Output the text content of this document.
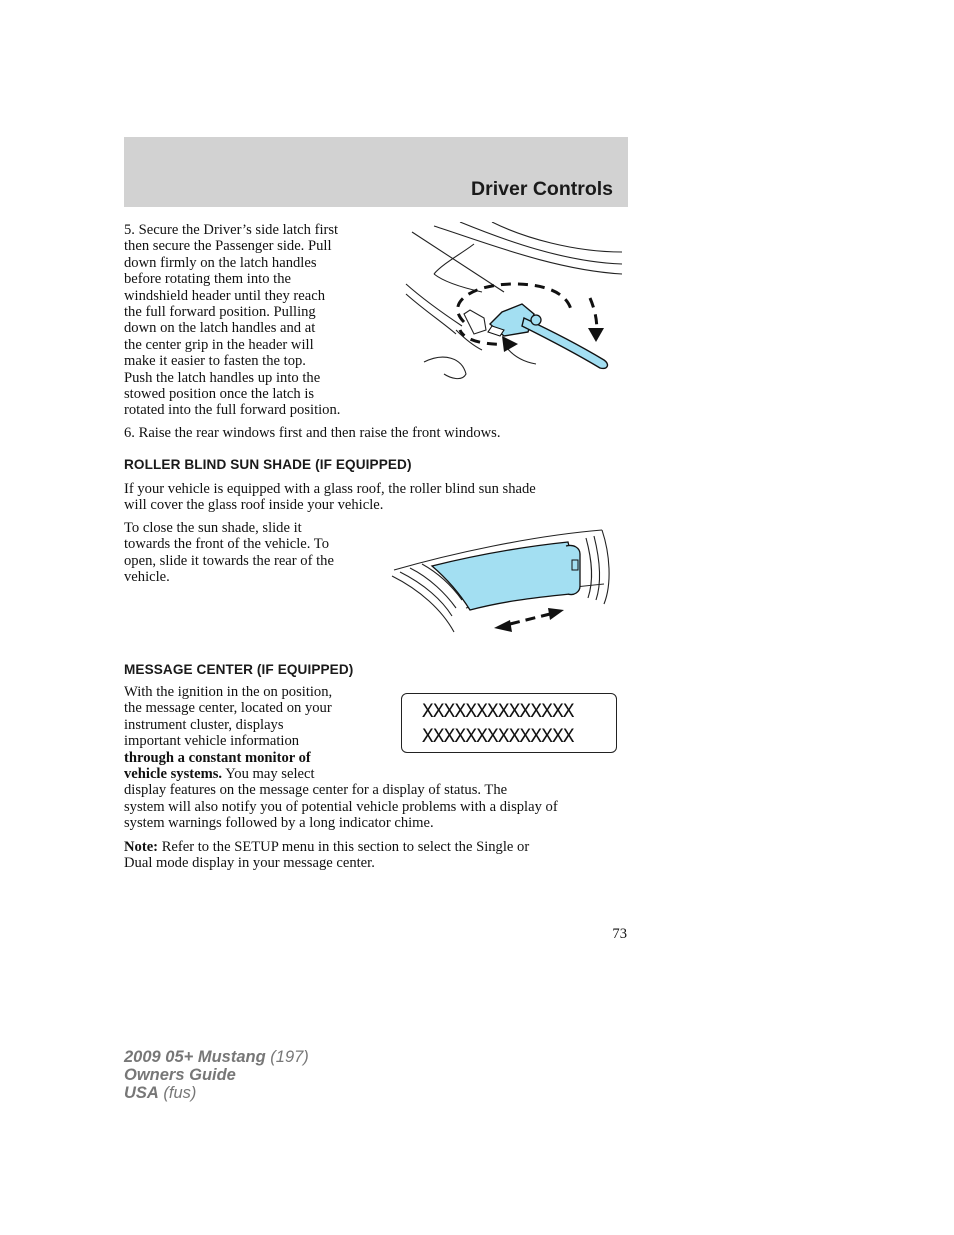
Driver Controls
5. Secure the Driver’s side latch first
then secure the Passenger side. Pull
down firmly on the latch handles
before rotating them into the
windshield header until they reach
the full forward position. Pulling
down on the latch handles and at
the center grip in the header will
make it easier to fasten the top.
Push the latch handles up into the
stowed position once the latch is
rotated into the full forward position.
6. Raise the rear windows first and then raise the front windows.
ROLLER BLIND SUN SHADE (IF EQUIPPED)
If your vehicle is equipped with a glass roof, the roller blind sun shade
will cover the glass roof inside your vehicle.
To close the sun shade, slide it
towards the front of the vehicle. To
open, slide it towards the rear of the
vehicle.
MESSAGE CENTER (IF EQUIPPED)
With the ignition in the on position,
the message center, located on your
instrument cluster, displays
important vehicle information
through a constant monitor of
vehicle systems. You may select
display features on the message center for a display of status. The
system will also notify you of potential vehicle problems with a display of
system warnings followed by a long indicator chime.
XXXXXXXXXXXXXX
XXXXXXXXXXXXXX
Note: Refer to the SETUP menu in this section to select the Single or
Dual mode display in your message center.
73
2009 05+ Mustang (197)
Owners Guide
USA (fus)
